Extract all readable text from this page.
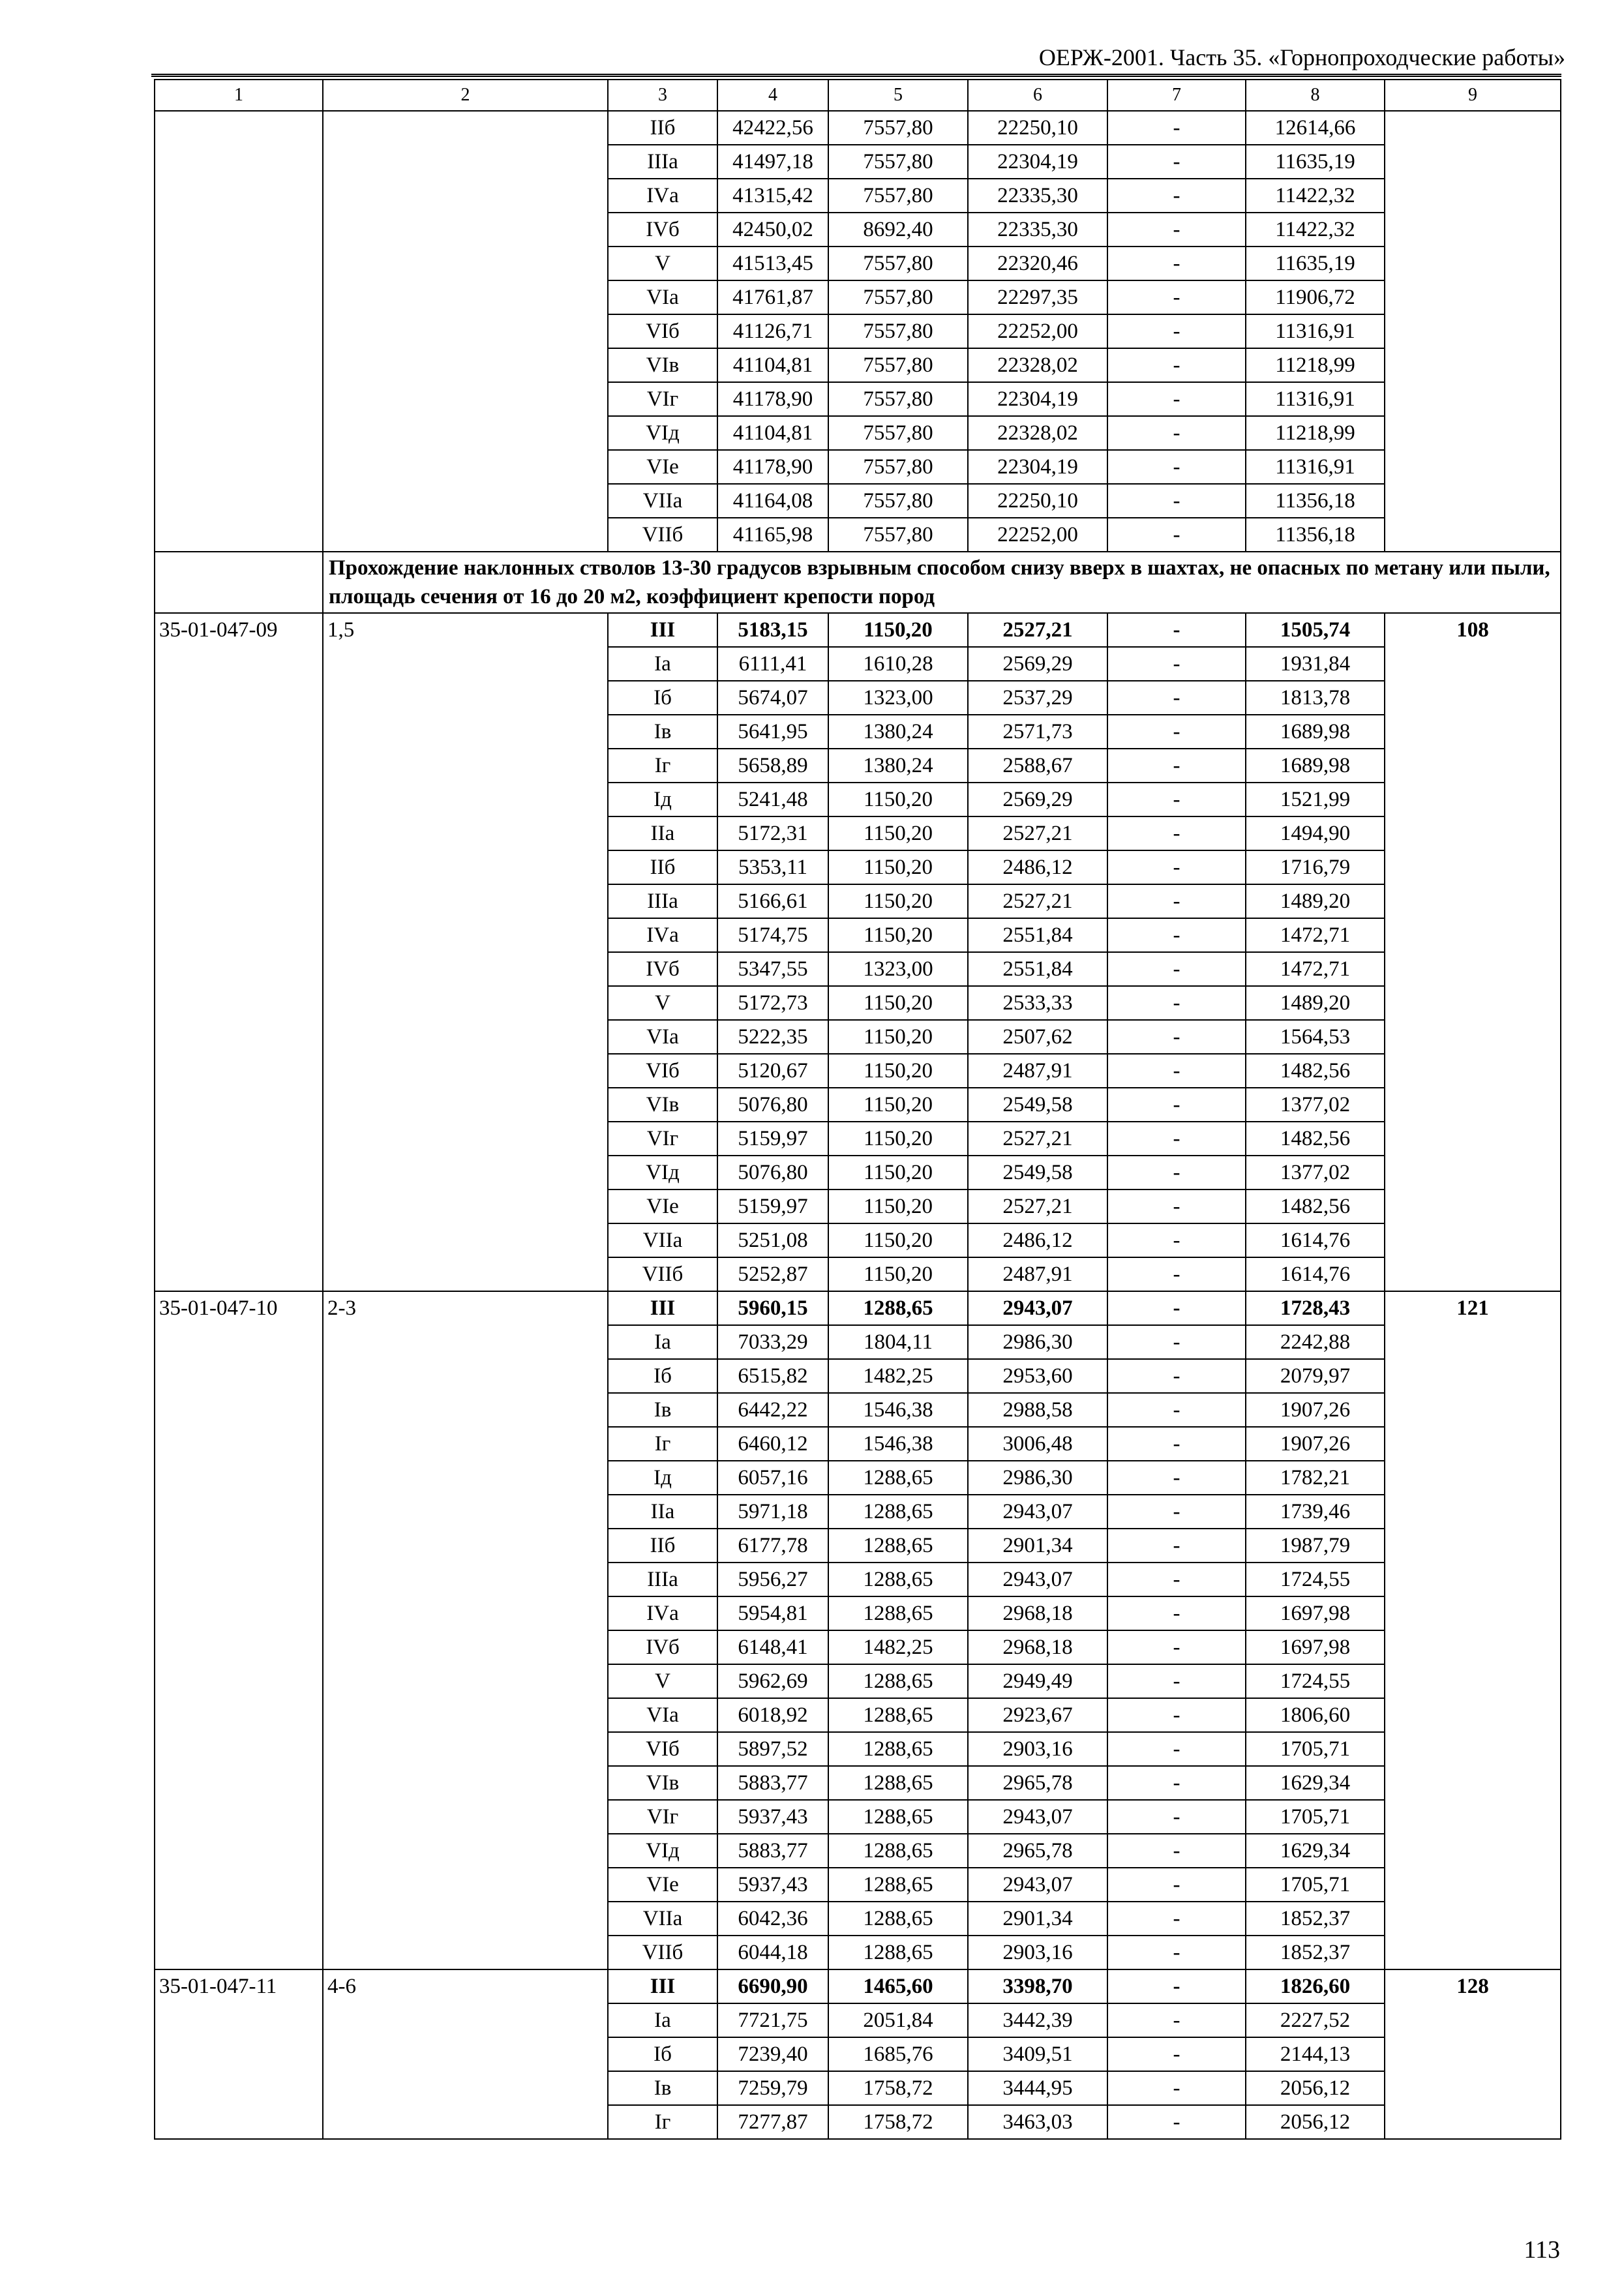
ОЕРЖ-2001. Часть 35. «Горнопроходческие работы»
1	2	3	4	5	6	7	8	9
		IIб	42422,56	7557,80	22250,10	-	12614,66	
		IIIа	41497,18	7557,80	22304,19	-	11635,19	
		IVа	41315,42	7557,80	22335,30	-	11422,32	
		IVб	42450,02	8692,40	22335,30	-	11422,32	
		V	41513,45	7557,80	22320,46	-	11635,19	
		VIа	41761,87	7557,80	22297,35	-	11906,72	
		VIб	41126,71	7557,80	22252,00	-	11316,91	
		VIв	41104,81	7557,80	22328,02	-	11218,99	
		VIг	41178,90	7557,80	22304,19	-	11316,91	
		VIд	41104,81	7557,80	22328,02	-	11218,99	
		VIе	41178,90	7557,80	22304,19	-	11316,91	
		VIIа	41164,08	7557,80	22250,10	-	11356,18	
		VIIб	41165,98	7557,80	22252,00	-	11356,18	
	Прохождение наклонных стволов 13-30 градусов взрывным способом снизу вверх в шахтах, не опасных по метану или пыли, площадь сечения от 16 до 20 м2, коэффициент крепости пород							
35-01-047-09	1,5	III	5183,15	1150,20	2527,21	-	1505,74	108
		Iа	6111,41	1610,28	2569,29	-	1931,84	
		Iб	5674,07	1323,00	2537,29	-	1813,78	
		Iв	5641,95	1380,24	2571,73	-	1689,98	
		Iг	5658,89	1380,24	2588,67	-	1689,98	
		Iд	5241,48	1150,20	2569,29	-	1521,99	
		IIа	5172,31	1150,20	2527,21	-	1494,90	
		IIб	5353,11	1150,20	2486,12	-	1716,79	
		IIIа	5166,61	1150,20	2527,21	-	1489,20	
		IVа	5174,75	1150,20	2551,84	-	1472,71	
		IVб	5347,55	1323,00	2551,84	-	1472,71	
		V	5172,73	1150,20	2533,33	-	1489,20	
		VIа	5222,35	1150,20	2507,62	-	1564,53	
		VIб	5120,67	1150,20	2487,91	-	1482,56	
		VIв	5076,80	1150,20	2549,58	-	1377,02	
		VIг	5159,97	1150,20	2527,21	-	1482,56	
		VIд	5076,80	1150,20	2549,58	-	1377,02	
		VIе	5159,97	1150,20	2527,21	-	1482,56	
		VIIа	5251,08	1150,20	2486,12	-	1614,76	
		VIIб	5252,87	1150,20	2487,91	-	1614,76	
35-01-047-10	2-3	III	5960,15	1288,65	2943,07	-	1728,43	121
		Iа	7033,29	1804,11	2986,30	-	2242,88	
		Iб	6515,82	1482,25	2953,60	-	2079,97	
		Iв	6442,22	1546,38	2988,58	-	1907,26	
		Iг	6460,12	1546,38	3006,48	-	1907,26	
		Iд	6057,16	1288,65	2986,30	-	1782,21	
		IIа	5971,18	1288,65	2943,07	-	1739,46	
		IIб	6177,78	1288,65	2901,34	-	1987,79	
		IIIа	5956,27	1288,65	2943,07	-	1724,55	
		IVа	5954,81	1288,65	2968,18	-	1697,98	
		IVб	6148,41	1482,25	2968,18	-	1697,98	
		V	5962,69	1288,65	2949,49	-	1724,55	
		VIа	6018,92	1288,65	2923,67	-	1806,60	
		VIб	5897,52	1288,65	2903,16	-	1705,71	
		VIв	5883,77	1288,65	2965,78	-	1629,34	
		VIг	5937,43	1288,65	2943,07	-	1705,71	
		VIд	5883,77	1288,65	2965,78	-	1629,34	
		VIе	5937,43	1288,65	2943,07	-	1705,71	
		VIIа	6042,36	1288,65	2901,34	-	1852,37	
		VIIб	6044,18	1288,65	2903,16	-	1852,37	
35-01-047-11	4-6	III	6690,90	1465,60	3398,70	-	1826,60	128
		Iа	7721,75	2051,84	3442,39	-	2227,52	
		Iб	7239,40	1685,76	3409,51	-	2144,13	
		Iв	7259,79	1758,72	3444,95	-	2056,12	
		Iг	7277,87	1758,72	3463,03	-	2056,12	
113
